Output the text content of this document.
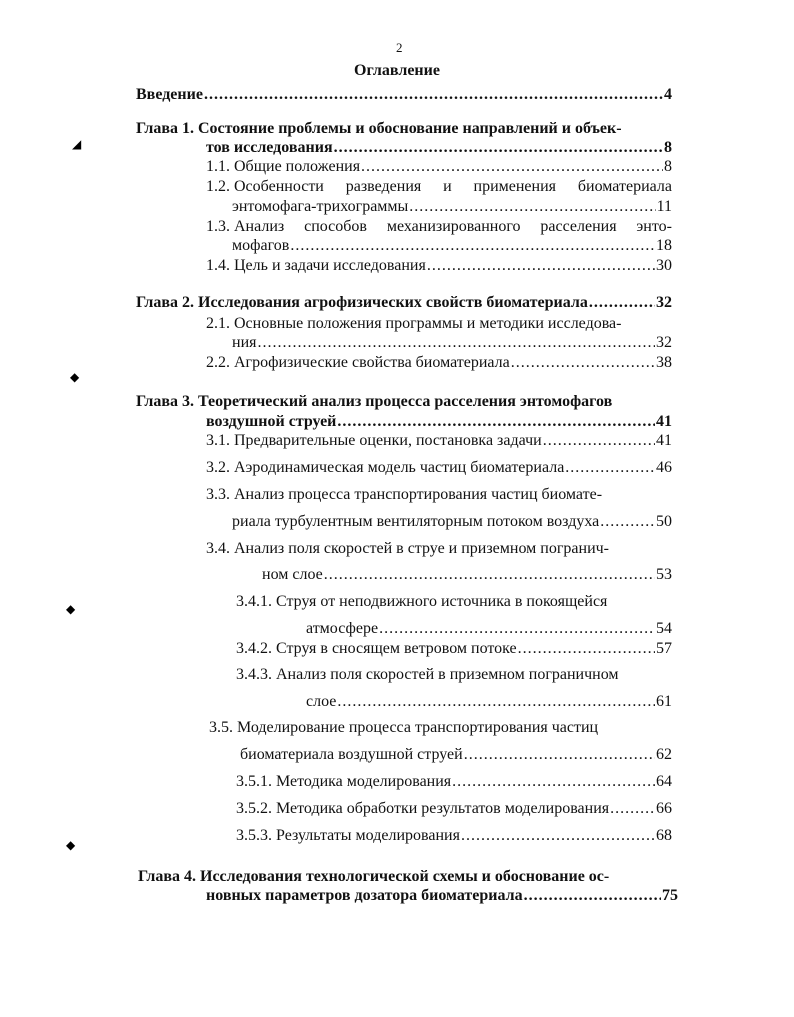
2
Оглавление
Введение .....	4
Глава 1. Состояние проблемы и обоснование направлений и объек-
тов исследования .....	8
1.1. Общие положения .....	8
1.2. Особенности разведения и применения биоматериала
энтомофага-трихограммы .....	11
1.3. Анализ способов механизированного расселения энто-
мофагов .....	18
1.4. Цель и задачи исследования .....	30
Глава 2. Исследования агрофизических свойств биоматериала .....	32
2.1. Основные положения программы и методики исследова-
ния .....	32
2.2. Агрофизические свойства биоматериала .....	38
Глава 3. Теоретический анализ процесса расселения энтомофагов
воздушной струей .....	41
3.1. Предварительные оценки, постановка задачи .....	41
3.2. Аэродинамическая модель частиц биоматериала .....	46
3.3. Анализ процесса транспортирования частиц биомате-
риала турбулентным вентиляторным потоком воздуха .....	50
3.4. Анализ поля скоростей в струе и приземном погранич-
ном слое .....	53
3.4.1. Струя от неподвижного источника в покоящейся
атмосфере .....	54
3.4.2. Струя в сносящем ветровом потоке .....	57
3.4.3. Анализ поля скоростей в приземном пограничном
слое .....	61
3.5. Моделирование процесса транспортирования частиц
биоматериала воздушной струей .....	62
3.5.1. Методика моделирования .....	64
3.5.2. Методика обработки результатов моделирования .....	66
3.5.3. Результаты моделирования .....	68
Глава 4. Исследования технологической схемы и обоснование ос-
новных параметров дозатора биоматериала .....	75
◢
◆
◆
◆
